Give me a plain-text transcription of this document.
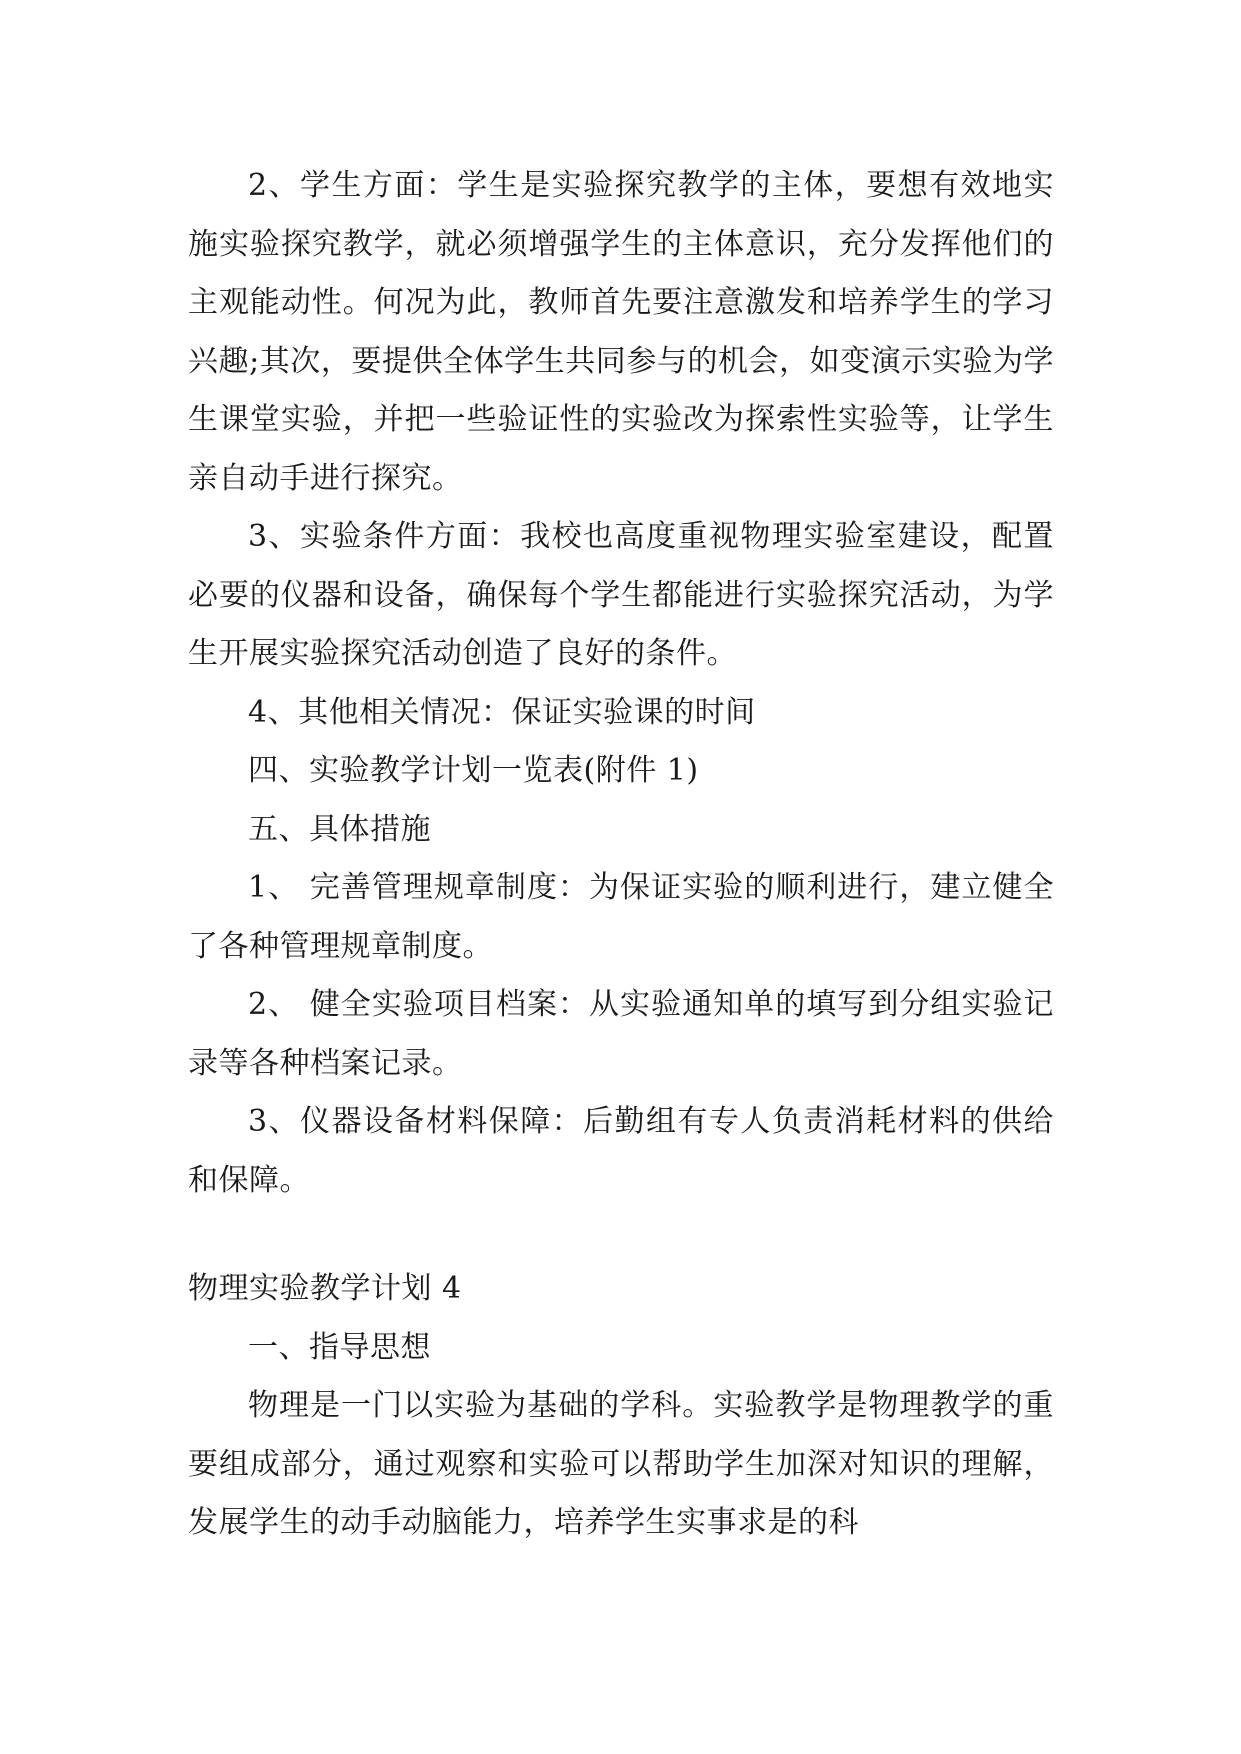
2、学生方面：学生是实验探究教学的主体，要想有效地实施实验探究教学，就必须增强学生的主体意识，充分发挥他们的主观能动性。何况为此，教师首先要注意激发和培养学生的学习兴趣;其次，要提供全体学生共同参与的机会，如变演示实验为学生课堂实验，并把一些验证性的实验改为探索性实验等，让学生亲自动手进行探究。

3、实验条件方面：我校也高度重视物理实验室建设，配置必要的仪器和设备，确保每个学生都能进行实验探究活动，为学生开展实验探究活动创造了良好的条件。

4、其他相关情况：保证实验课的时间

四、实验教学计划一览表(附件 1)

五、具体措施

1、 完善管理规章制度：为保证实验的顺利进行，建立健全了各种管理规章制度。

2、 健全实验项目档案：从实验通知单的填写到分组实验记录等各种档案记录。

3、仪器设备材料保障：后勤组有专人负责消耗材料的供给和保障。

物理实验教学计划 4

一、指导思想

物理是一门以实验为基础的学科。实验教学是物理教学的重要组成部分，通过观察和实验可以帮助学生加深对知识的理解，发展学生的动手动脑能力，培养学生实事求是的科
